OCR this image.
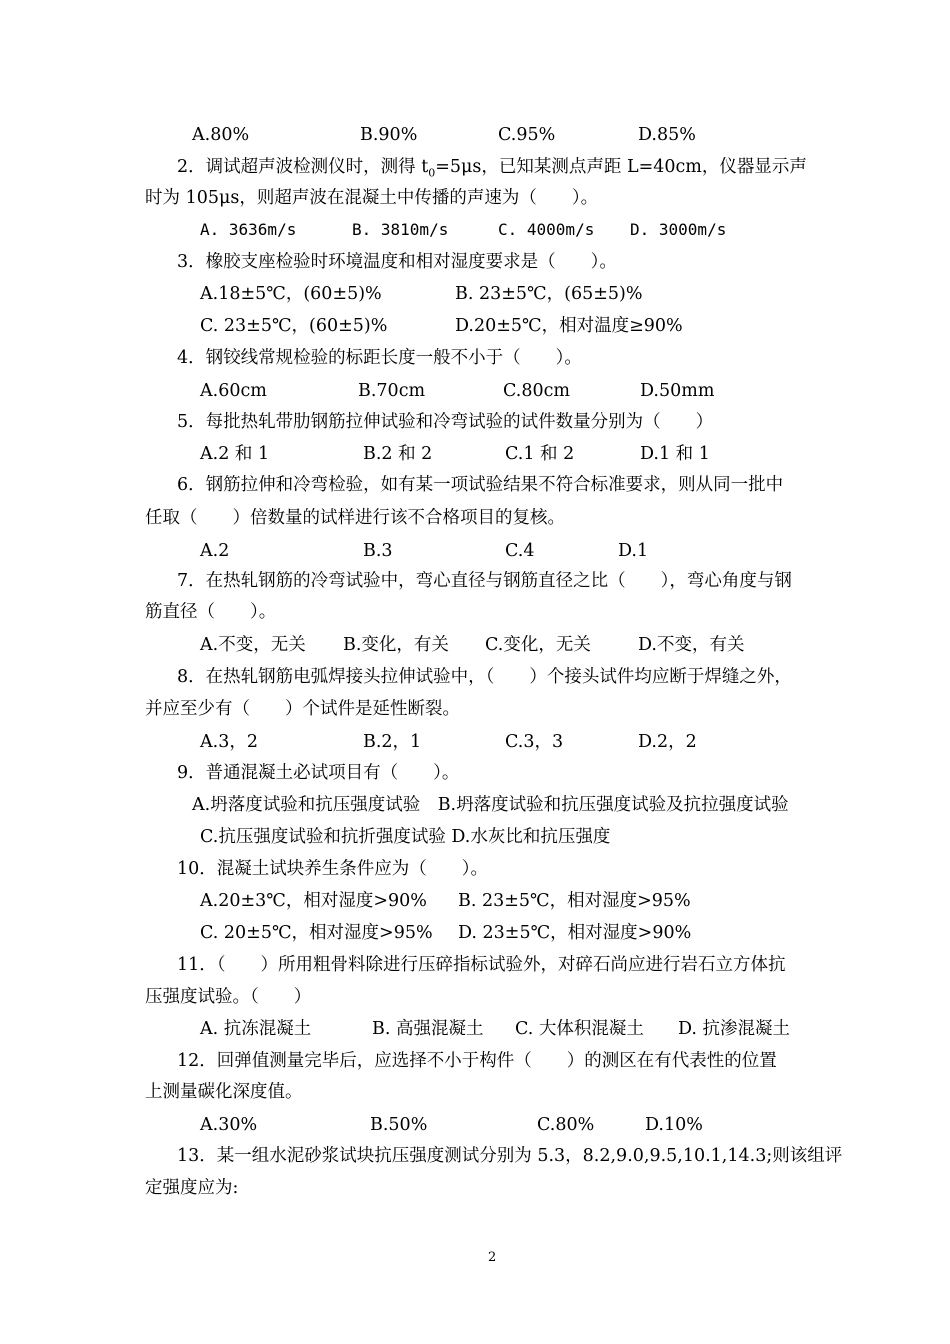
A.80%	B.90%	C.95%	D.85%
2．调试超声波检测仪时，测得 $t_0=5\mu s$，已知某测点声距 L=40cm，仪器显示声
时为 105μs，则超声波在混凝土中传播的声速为（　　）。
A. 3636m/s	B. 3810m/s	C. 4000m/s D. 3000m/s
3．橡胶支座检验时环境温度和相对湿度要求是（　　）。
A.18±5℃，(60±5)%	B. 23±5℃，(65±5)%
C. 23±5℃，(60±5)%	D.20±5℃，相对温度≥90%
4．钢铰线常规检验的标距长度一般不小于（　　）。
A.60cm	B.70cm	C.80cm	D.50mm
5．每批热轧带肋钢筋拉伸试验和冷弯试验的试件数量分别为（　　）
A.2 和 1	B.2 和 2	C.1 和 2	D.1 和 1
6．钢筋拉伸和冷弯检验，如有某一项试验结果不符合标准要求，则从同一批中
任取（　　）倍数量的试样进行该不合格项目的复核。
A.2	B.3	C.4	D.1
7．在热轧钢筋的冷弯试验中，弯心直径与钢筋直径之比（　　），弯心角度与钢
筋直径（　　）。
A.不变，无关 B.变化，有关 C.变化，无关	D.不变，有关
8．在热轧钢筋电弧焊接头拉伸试验中，（　　）个接头试件均应断于焊缝之外，
并应至少有（　　）个试件是延性断裂。
A.3，2	B.2，1	C.3，3	D.2，2
9．普通混凝土必试项目有（　　）。
A.坍落度试验和抗压强度试验　B.坍落度试验和抗压强度试验及抗拉强度试验
C.抗压强度试验和抗折强度试验 D.水灰比和抗压强度
10．混凝土试块养生条件应为（　　）。
A.20±3℃，相对湿度>90% B. 23±5℃，相对湿度>95%
C. 20±5℃，相对湿度>95% D. 23±5℃，相对湿度>90%
11．（　　）所用粗骨料除进行压碎指标试验外，对碎石尚应进行岩石立方体抗
压强度试验。（　　）
A. 抗冻混凝土	B. 高强混凝土 C. 大体积混凝土 D. 抗渗混凝土
12．回弹值测量完毕后，应选择不小于构件（　　）的测区在有代表性的位置
上测量碳化深度值。
A.30%	B.50%	C.80%	D.10%
13．某一组水泥砂浆试块抗压强度测试分别为 5.3，8.2,9.0,9.5,10.1,14.3;则该组评
定强度应为:
2
